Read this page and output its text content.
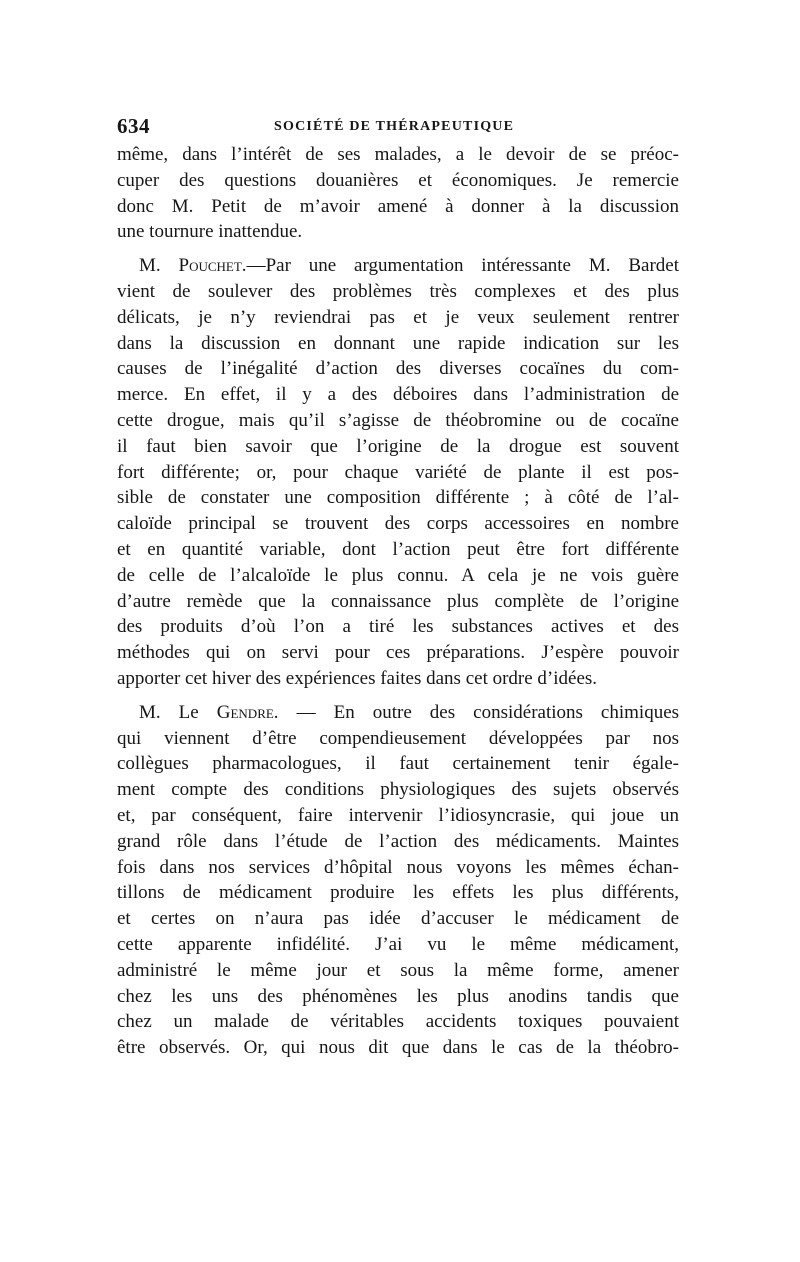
634	SOCIÉTÉ DE THÉRAPEUTIQUE
même, dans l’intérêt de ses malades, a le devoir de se préoc-
cuper des questions douanières et économiques. Je remercie
donc M. Petit de m’avoir amené à donner à la discussion
une tournure inattendue.
M. Pouchet.—Par une argumentation intéressante M. Bardet
vient de soulever des problèmes très complexes et des plus
délicats, je n’y reviendrai pas et je veux seulement rentrer
dans la discussion en donnant une rapide indication sur les
causes de l’inégalité d’action des diverses cocaïnes du com-
merce. En effet, il y a des déboires dans l’administration de
cette drogue, mais qu’il s’agisse de théobromine ou de cocaïne
il faut bien savoir que l’origine de la drogue est souvent
fort différente; or, pour chaque variété de plante il est pos-
sible de constater une composition différente ; à côté de l’al-
caloïde principal se trouvent des corps accessoires en nombre
et en quantité variable, dont l’action peut être fort différente
de celle de l’alcaloïde le plus connu. A cela je ne vois guère
d’autre remède que la connaissance plus complète de l’origine
des produits d’où l’on a tiré les substances actives et des
méthodes qui on servi pour ces préparations. J’espère pouvoir
apporter cet hiver des expériences faites dans cet ordre d’idées.
M. Le Gendre. — En outre des considérations chimiques
qui viennent d’être compendieusement développées par nos
collègues pharmacologues, il faut certainement tenir égale-
ment compte des conditions physiologiques des sujets observés
et, par conséquent, faire intervenir l’idiosyncrasie, qui joue un
grand rôle dans l’étude de l’action des médicaments. Maintes
fois dans nos services d’hôpital nous voyons les mêmes échan-
tillons de médicament produire les effets les plus différents,
et certes on n’aura pas idée d’accuser le médicament de
cette apparente infidélité. J’ai vu le même médicament,
administré le même jour et sous la même forme, amener
chez les uns des phénomènes les plus anodins tandis que
chez un malade de véritables accidents toxiques pouvaient
être observés. Or, qui nous dit que dans le cas de la théobro-
